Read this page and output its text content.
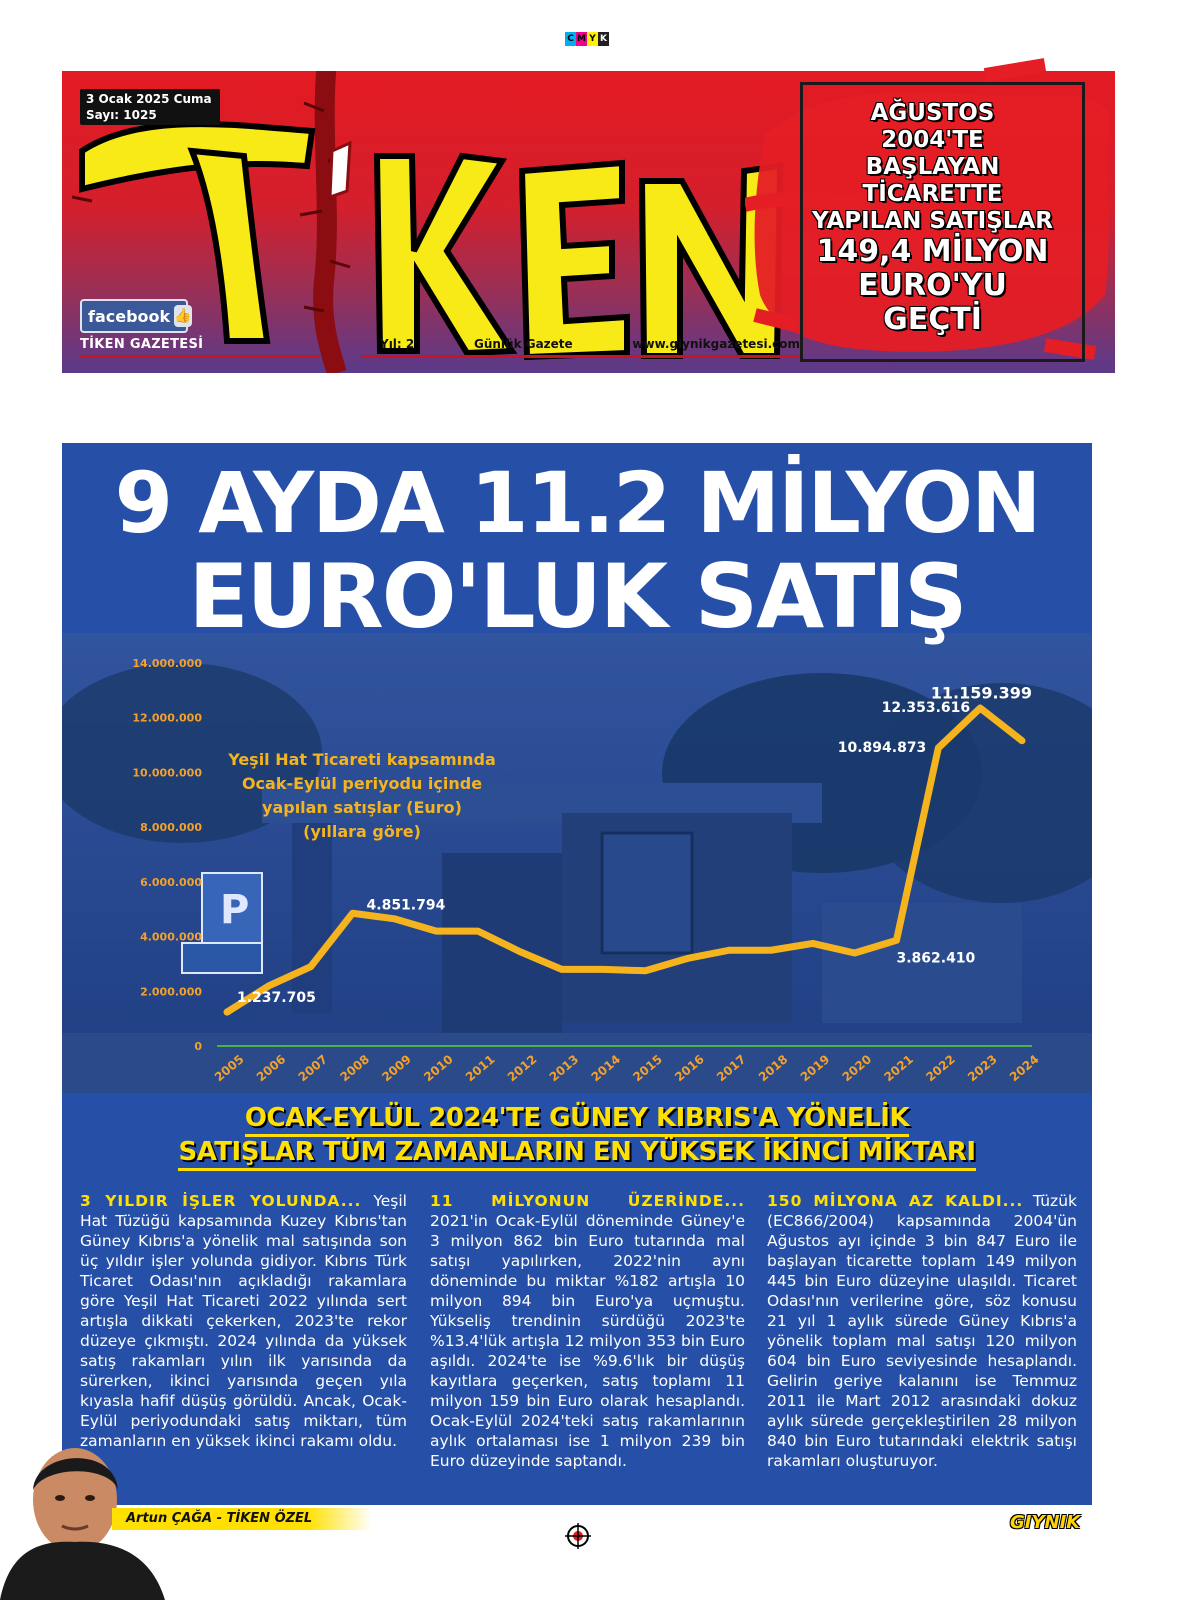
C M Y K
3 Ocak 2025 Cuma
Sayı: 1025
facebook 👍
TİKEN GAZETESİ	Yıl: 2	Günlük Gazete	www.giynikgazetesi.com
AĞUSTOS
2004'TE
BAŞLAYAN
TİCARETTE
YAPILAN SATIŞLAR
149,4 MİLYON
EURO'YU
GEÇTİ
P
9 AYDA 11.2 MİLYON
EURO'LUK SATIŞ
0
2.000.000
4.000.000
6.000.000
8.000.000
10.000.000
12.000.000
14.000.000
2005 2006 2007 2008 2009 2010 2011 2012 2013 2014 2015 2016 2017 2018 2019 2020 2021 2022 2023 2024
1.237.705
4.851.794
3.862.410
10.894.873
12.353.616
11.159.399
Yeşil Hat Ticareti kapsamında Ocak-Eylül periyodu içinde yapılan satışlar (Euro) (yıllara göre)
OCAK-EYLÜL 2024'TE GÜNEY KIBRIS'A YÖNELİK
SATIŞLAR TÜM ZAMANLARIN EN YÜKSEK İKİNCİ MİKTARI
3 YILDIR İŞLER YOLUNDA... Yeşil Hat Tüzüğü kapsamında Kuzey Kıbrıs'tan Güney Kıbrıs'a yönelik mal satışında son üç yıldır işler yolunda gidiyor. Kıbrıs Türk Ticaret Odası'nın açıkladığı rakamlara göre Yeşil Hat Ticareti 2022 yılında sert artışla dikkati çekerken, 2023'te rekor düzeye çıkmıştı. 2024 yılında da yüksek satış rakamları yılın ilk yarısında da sürerken, ikinci yarısında geçen yıla kıyasla hafif düşüş görüldü. Ancak, Ocak-Eylül periyodundaki satış miktarı, tüm zamanların en yüksek ikinci rakamı oldu.
11 MİLYONUN ÜZERİNDE... 2021'in Ocak-Eylül döneminde Güney'e 3 milyon 862 bin Euro tutarında mal satışı yapılırken, 2022'nin aynı döneminde bu miktar %182 artışla 10 milyon 894 bin Euro'ya uçmuştu. Yükseliş trendinin sürdüğü 2023'te %13.4'lük artışla 12 milyon 353 bin Euro aşıldı. 2024'te ise %9.6'lık bir düşüş kayıtlara geçerken, satış toplamı 11 milyon 159 bin Euro olarak hesaplandı. Ocak-Eylül 2024'teki satış rakamlarının aylık ortalaması ise 1 milyon 239 bin Euro düzeyinde saptandı.
150 MİLYONA AZ KALDI... Tüzük (EC866/2004) kapsamında 2004'ün Ağustos ayı içinde 3 bin 847 Euro ile başlayan ticarette toplam 149 milyon 445 bin Euro düzeyine ulaşıldı. Ticaret Odası'nın verilerine göre, söz konusu 21 yıl 1 aylık sürede Güney Kıbrıs'a yönelik toplam mal satışı 120 milyon 604 bin Euro seviyesinde hesaplandı. Gelirin geriye kalanını ise Temmuz 2011 ile Mart 2012 arasındaki dokuz aylık sürede gerçekleştirilen 28 milyon 840 bin Euro tutarındaki elektrik satışı rakamları oluşturuyor.
Artun ÇAĞA - TİKEN ÖZEL	GIYNIK
